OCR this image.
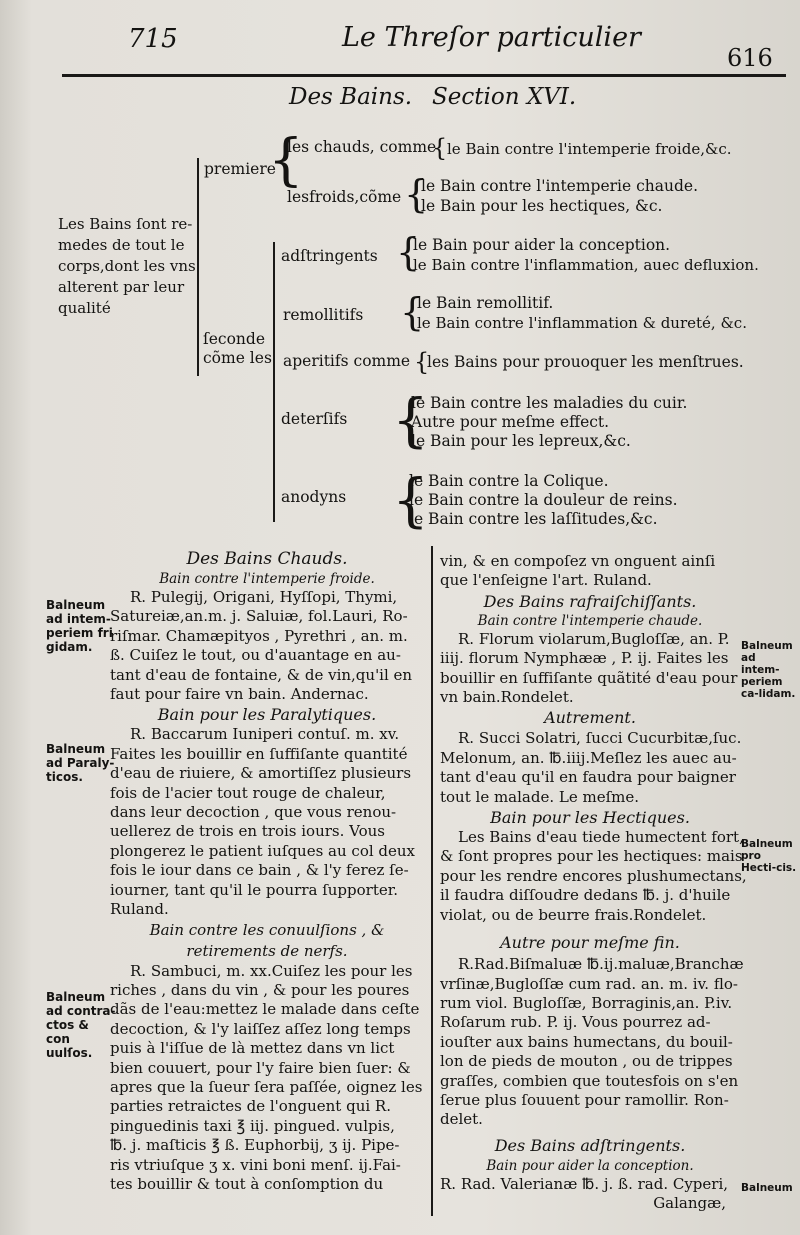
715	Le Threſor particulier
616
Des Bains. Section XVI.
Les Bains ſont re-
medes de tout le
corps,dont les vns
alterent par leur
qualité
premiere
{
ſeconde
cõme les
les chauds, comme
lesfroids,cõme
adſtringents
remollitifs
aperitifs comme
deterſifs
anodyns
{
{
{
{
{
{
{
le Bain contre l'intemperie froide,&c.
le Bain contre l'intemperie chaude.
le Bain pour les hectiques, &c.
le Bain pour aider la conception.
le Bain contre l'inflammation, auec defluxion.
le Bain remollitif.
le Bain contre l'inflammation & dureté, &c.
les Bains pour prouoquer les menſtrues.
le Bain contre les maladies du cuir.
Autre pour meſme effect.
le Bain pour les lepreux,&c.
le Bain contre la Colique.
le Bain contre la douleur de reins.
le Bain contre les laſſitudes,&c.

Des Bains Chauds.

Bain contre l'intemperie froide.

R. Pulegij, Origani, Hyſſopi, Thymi,

Satureiæ,an.m. j. Saluiæ, fol.Lauri, Ro-

riſmar. Chamæpityos , Pyrethri , an. m.

ß. Cuiſez le tout, ou d'auantage en au-

tant d'eau de fontaine, & de vin,qu'il en

faut pour faire vn bain. Andernac.

Bain pour les Paralytiques.

R. Baccarum Iuniperi contuſ. m. xv.

Faites les bouillir en ſuffiſante quantité

d'eau de riuiere, & amortiſſez plusieurs

fois de l'acier tout rouge de chaleur,

dans leur decoction , que vous renou-

uellerez de trois en trois iours. Vous

plongerez le patient iuſques au col deux

fois le iour dans ce bain , & l'y ferez ſe-

iourner, tant qu'il le pourra ſupporter.

Ruland.

Bain contre les conuulſions , &

retirements de nerfs.

R. Sambuci, m. xx.Cuiſez les pour les

riches , dans du vin , & pour les poures

dãs de l'eau:mettez le malade dans ceſte

decoction, & l'y laiſſez aſſez long temps

puis à l'iſſue de là mettez dans vn lict

bien couuert, pour l'y faire bien ſuer: &

apres que la ſueur ſera paſſée, oignez les

parties retraictes de l'onguent qui R.

pinguedinis taxi ℥ iij. pingued. vulpis,

℔. j. maſticis ℥ ß. Euphorbij, ʒ ij. Pipe-

ris vtriuſque ʒ x. vini boni menſ. ij.Fai-

tes bouillir & tout à conſomption du

vin, & en compoſez vn onguent ainſi

que l'enſeigne l'art. Ruland.

Des Bains rafraiſchiſſants.

Bain contre l'intemperie chaude.

R. Florum violarum,Bugloſſæ, an. P.

iiij. florum Nymphææ , P. ij. Faites les

bouillir en ſuffiſante quãtité d'eau pour

vn bain.Rondelet.

Autrement.

R. Succi Solatri, ſucci Cucurbitæ,ſuc.

Melonum, an. ℔.iiij.Meſlez les auec au-

tant d'eau qu'il en faudra pour baigner

tout le malade. Le meſme.

Bain pour les Hectiques.

Les Bains d'eau tiede humectent fort,

& ſont propres pour les hectiques: mais

pour les rendre encores plushumectans,

il faudra diſſoudre dedans ℔. j. d'huile

violat, ou de beurre frais.Rondelet.

Autre pour meſme fin.

R.Rad.Biſmaluæ ℔.ij.maluæ,Branchæ

vrſinæ,Bugloſſæ cum rad. an. m. iv. flo-

rum viol. Bugloſſæ, Borraginis,an. P.iv.

Roſarum rub. P. ij. Vous pourrez ad-

iouſter aux bains humectans, du bouil-

lon de pieds de mouton , ou de trippes

graſſes, combien que toutesfois on s'en

ſerue plus ſouuent pour ramollir. Ron-

delet.

Des Bains adſtringents.

Bain pour aider la conception.

R. Rad. Valerianæ ℔. j. ß. rad. Cyperi,

Galangæ,

Balneum ad intem-periem fri gidam.
Balneum ad Paraly-ticos.
Balneum ad contra-ctos & con uulſos.
Balneum ad intem-periem ca-lidam.
Balneum pro Hecti-cis.
Balneum
